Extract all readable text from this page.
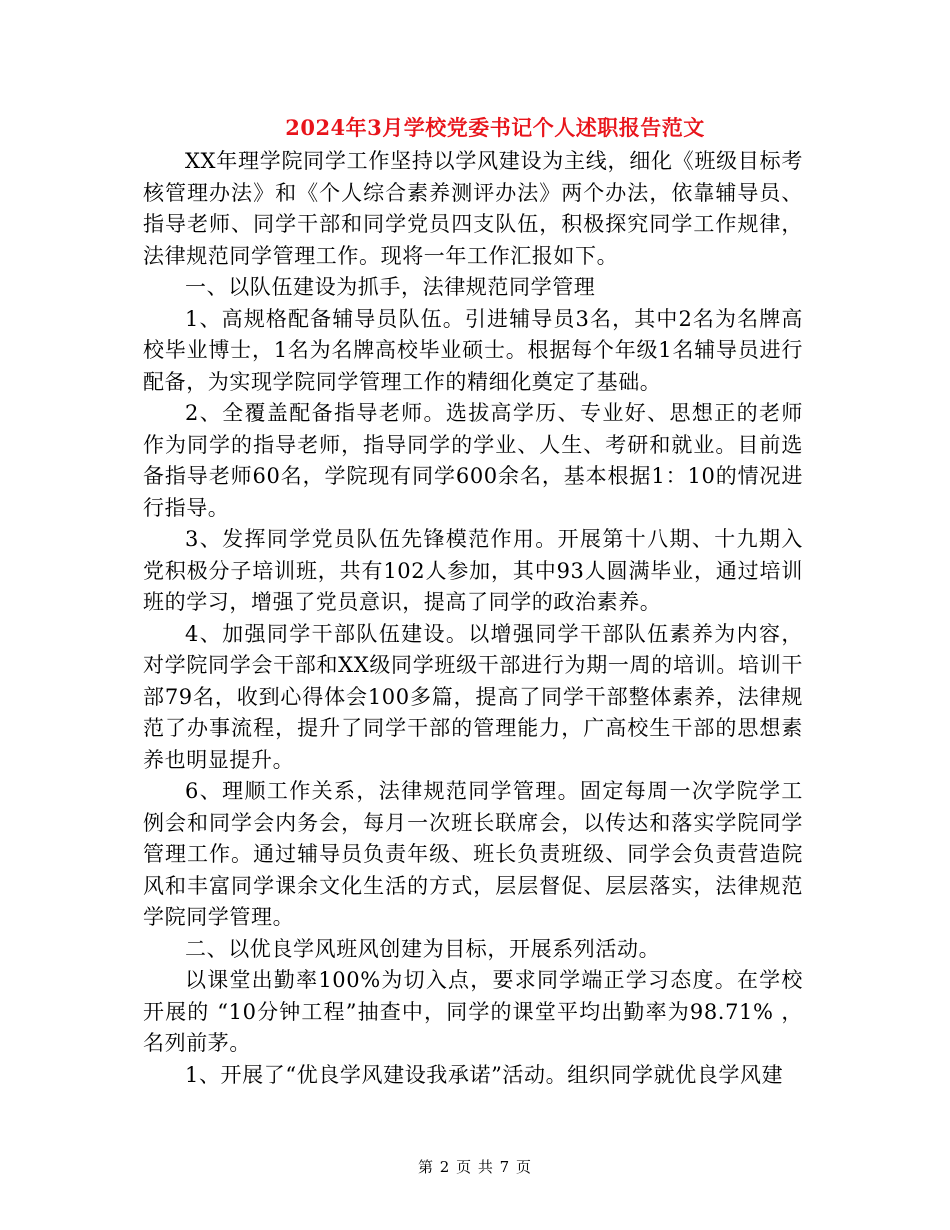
2024年3月学校党委书记个人述职报告范文

XX年理学院同学工作坚持以学风建设为主线，细化《班级目标考核管理办法》和《个人综合素养测评办法》两个办法，依靠辅导员、指导老师、同学干部和同学党员四支队伍，积极探究同学工作规律，法律规范同学管理工作。现将一年工作汇报如下。

一、以队伍建设为抓手，法律规范同学管理

1、高规格配备辅导员队伍。引进辅导员3名，其中2名为名牌高校毕业博士，1名为名牌高校毕业硕士。根据每个年级1名辅导员进行配备，为实现学院同学管理工作的精细化奠定了基础。

2、全覆盖配备指导老师。选拔高学历、专业好、思想正的老师作为同学的指导老师，指导同学的学业、人生、考研和就业。目前选备指导老师60名，学院现有同学600余名，基本根据1：10的情况进行指导。

3、发挥同学党员队伍先锋模范作用。开展第十八期、十九期入党积极分子培训班，共有102人参加，其中93人圆满毕业，通过培训班的学习，增强了党员意识，提高了同学的政治素养。

4、加强同学干部队伍建设。以增强同学干部队伍素养为内容，对学院同学会干部和XX级同学班级干部进行为期一周的培训。培训干部79名，收到心得体会100多篇，提高了同学干部整体素养，法律规范了办事流程，提升了同学干部的管理能力，广高校生干部的思想素养也明显提升。

6、理顺工作关系，法律规范同学管理。固定每周一次学院学工例会和同学会内务会，每月一次班长联席会，以传达和落实学院同学管理工作。通过辅导员负责年级、班长负责班级、同学会负责营造院风和丰富同学课余文化生活的方式，层层督促、层层落实，法律规范学院同学管理。

二、以优良学风班风创建为目标，开展系列活动。

以课堂出勤率100%为切入点，要求同学端正学习态度。在学校开展的 “10分钟工程”抽查中，同学的课堂平均出勤率为98.71% ，名列前茅。

1、开展了“优良学风建设我承诺”活动。组织同学就优良学风建

第 2 页 共 7 页
